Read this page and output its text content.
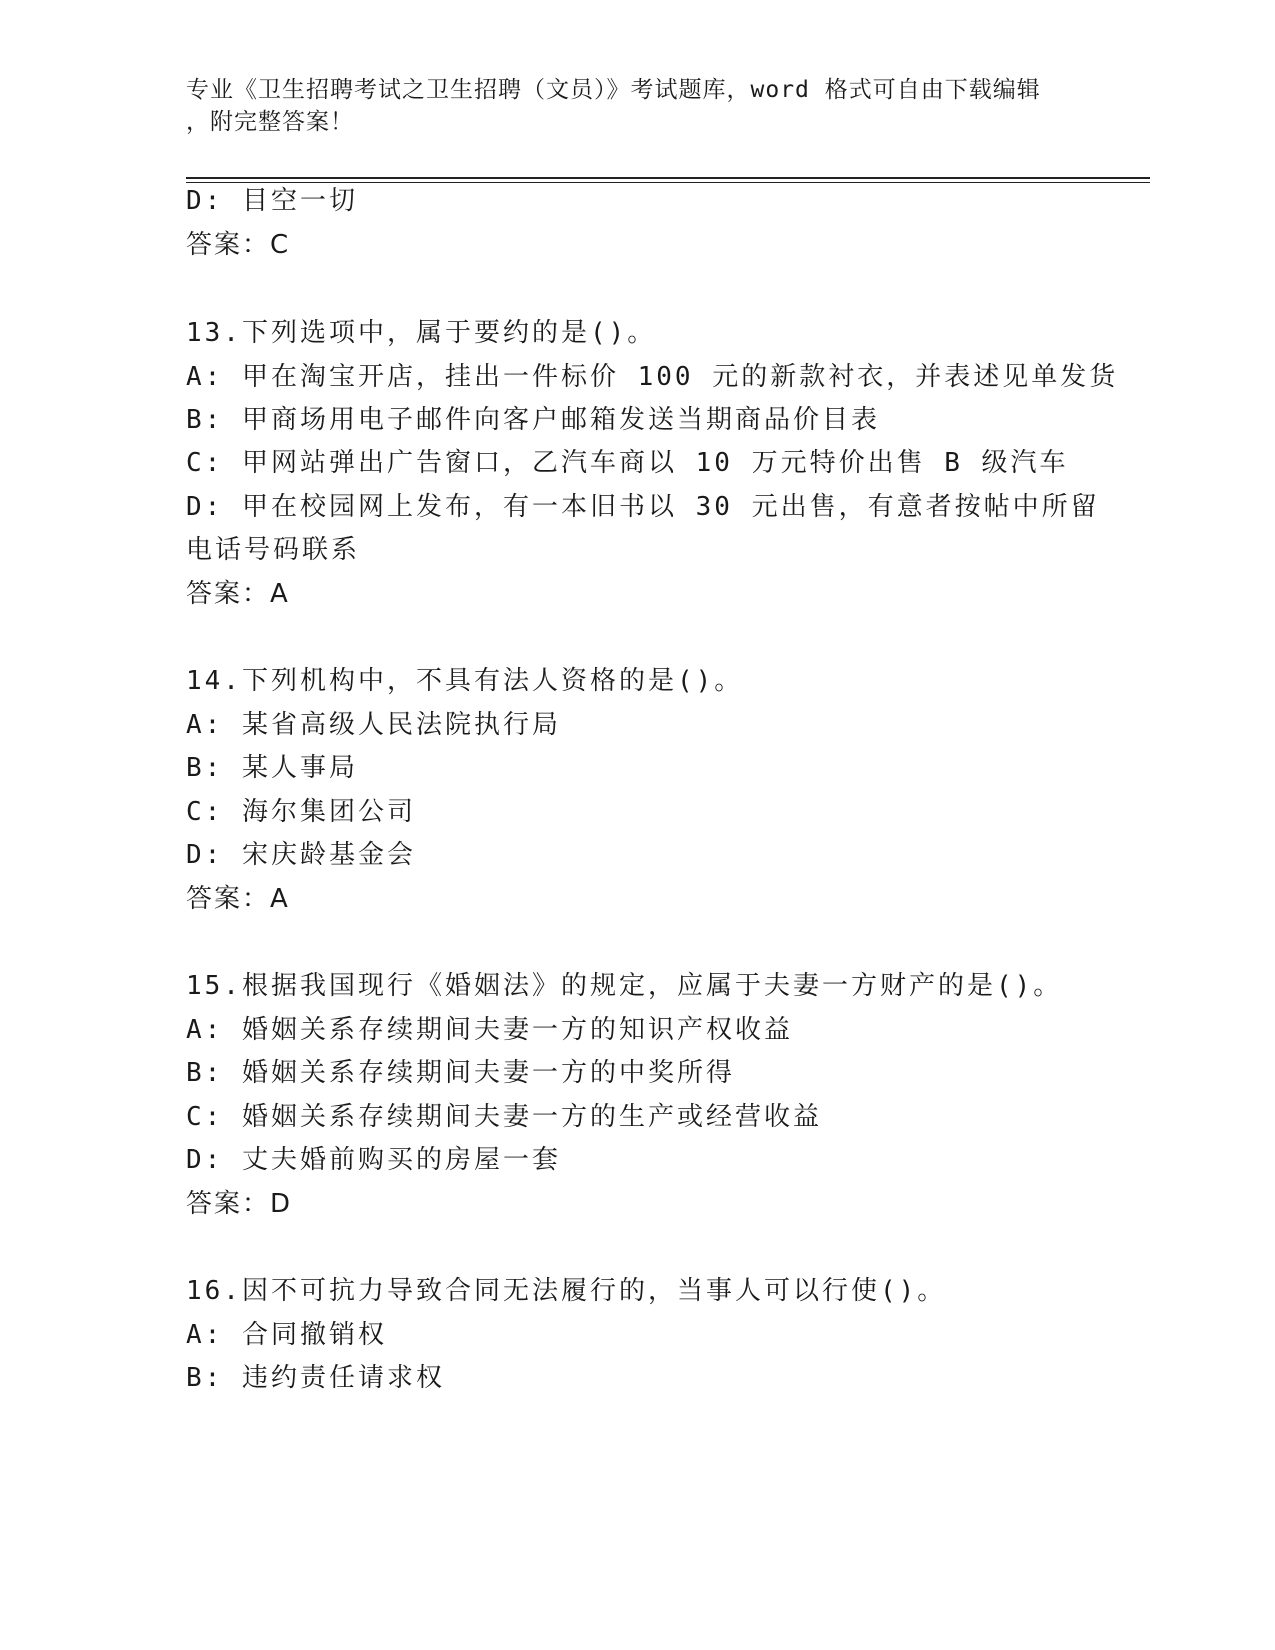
专业《卫生招聘考试之卫生招聘（文员）》考试题库，word 格式可自由下载编辑
，附完整答案！
D: 目空一切
答案：C
13.下列选项中，属于要约的是()。
A: 甲在淘宝开店，挂出一件标价 100 元的新款衬衣，并表述见单发货
B: 甲商场用电子邮件向客户邮箱发送当期商品价目表
C: 甲网站弹出广告窗口，乙汽车商以 10 万元特价出售 B 级汽车
D: 甲在校园网上发布，有一本旧书以 30 元出售，有意者按帖中所留
电话号码联系
答案：A
14.下列机构中，不具有法人资格的是()。
A: 某省高级人民法院执行局
B: 某人事局
C: 海尔集团公司
D: 宋庆龄基金会
答案：A
15.根据我国现行《婚姻法》的规定，应属于夫妻一方财产的是()。
A: 婚姻关系存续期间夫妻一方的知识产权收益
B: 婚姻关系存续期间夫妻一方的中奖所得
C: 婚姻关系存续期间夫妻一方的生产或经营收益
D: 丈夫婚前购买的房屋一套
答案：D
16.因不可抗力导致合同无法履行的，当事人可以行使()。
A: 合同撤销权
B: 违约责任请求权
